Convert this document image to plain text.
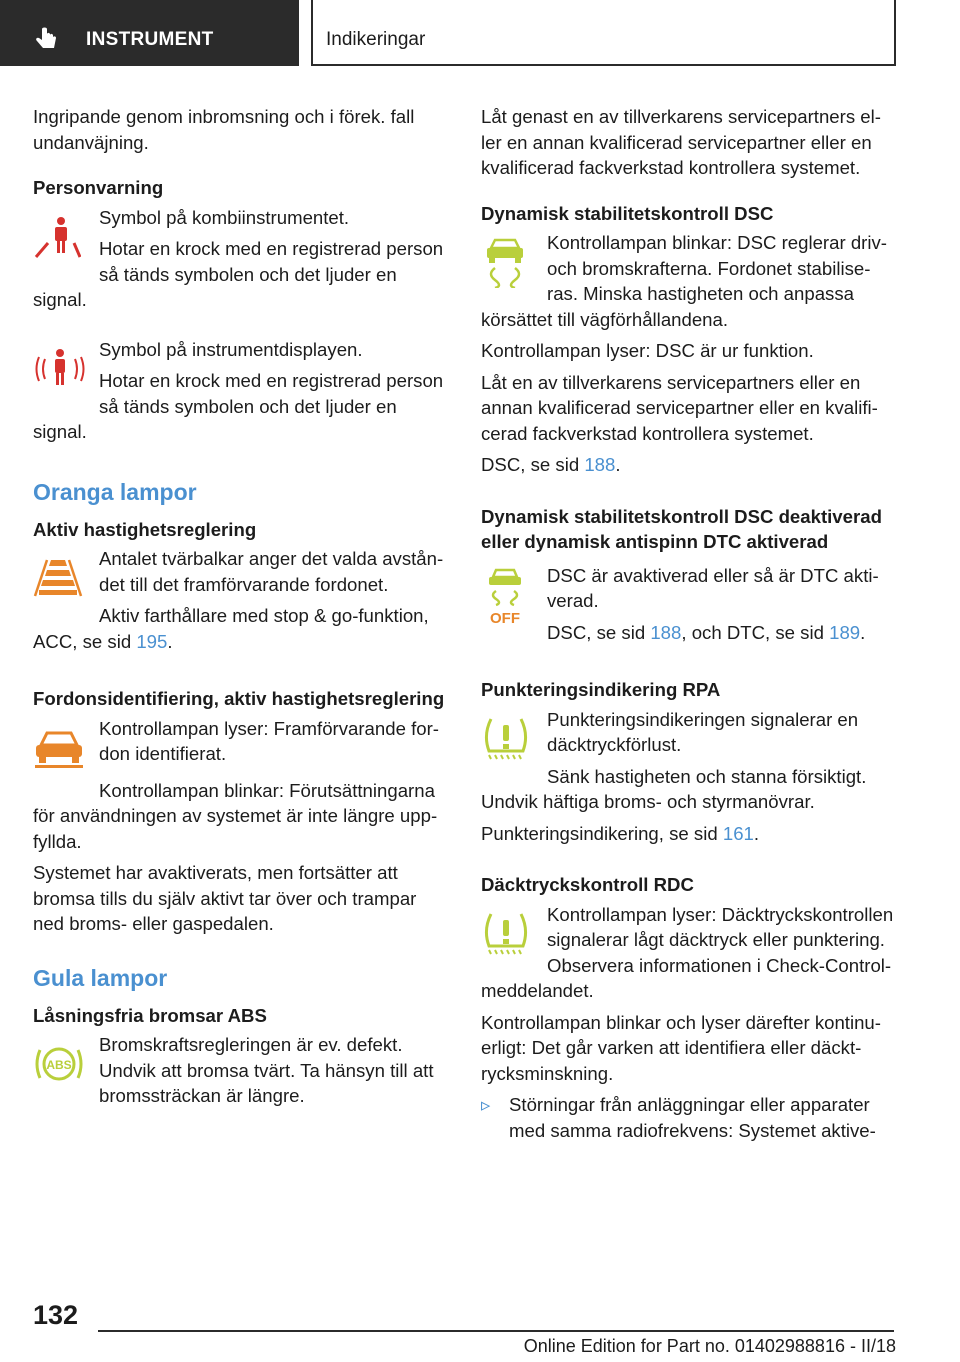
INSTRUMENT	Indikeringar

Ingripande genom inbromsning och i förek. fall undanväjning.

Personvarning

Symbol på kombiinstrumentet.

Hotar en krock med en registrerad person så tänds symbolen och det ljuder en signal.

Symbol på instrumentdisplayen.

Hotar en krock med en registrerad person så tänds symbolen och det ljuder en signal.

Oranga lampor

Aktiv hastighetsreglering

Antalet tvärbalkar anger det valda avståndet till det framförvarande fordonet.

Aktiv farthållare med stop & go-funktion, ACC, se sid 195.

Fordonsidentifiering, aktiv hastighetsreglering

Kontrollampan lyser: Framförvarande fordon identifierat.

Kontrollampan blinkar: Förutsättningarna för användningen av systemet är inte längre uppfyllda.

Systemet har avaktiverats, men fortsätter att bromsa tills du själv aktivt tar över och trampar ned broms- eller gaspedalen.

Gula lampor

Låsningsfria bromsar ABS

ABS

Bromskraftsregleringen är ev. defekt. Undvik att bromsa tvärt. Ta hänsyn till att bromssträckan är längre.

Låt genast en av tillverkarens servicepartners eller en annan kvalificerad servicepartner eller en kvalificerad fackverkstad kontrollera systemet.

Dynamisk stabilitetskontroll DSC

Kontrollampan blinkar: DSC reglerar driv- och bromskrafterna. Fordonet stabiliseras. Minska hastigheten och anpassa körsättet till vägförhållandena.

Kontrollampan lyser: DSC är ur funktion.

Låt en av tillverkarens servicepartners eller en annan kvalificerad servicepartner eller en kvalificerad fackverkstad kontrollera systemet.

DSC, se sid 188.

Dynamisk stabilitetskontroll DSC deaktiverad eller dynamisk antispinn DTC aktiverad

OFF

DSC är avaktiverad eller så är DTC aktiverad.

DSC, se sid 188, och DTC, se sid 189.

Punkteringsindikering RPA

Punkteringsindikeringen signalerar en däcktryckförlust.

Sänk hastigheten och stanna försiktigt. Undvik häftiga broms- och styrmanövrar.

Punkteringsindikering, se sid 161.

Däcktryckskontroll RDC

Kontrollampan lyser: Däcktryckskontrollen signalerar lågt däcktryck eller punktering. Observera informationen i Check-Control-meddelandet.

Kontrollampan blinkar och lyser därefter kontinuerligt: Det går varken att identifiera eller däcktrycksminskning.

▹ Störningar från anläggningar eller apparater med samma radiofrekvens: Systemet aktive-

132
Online Edition for Part no. 01402988816 - II/18
